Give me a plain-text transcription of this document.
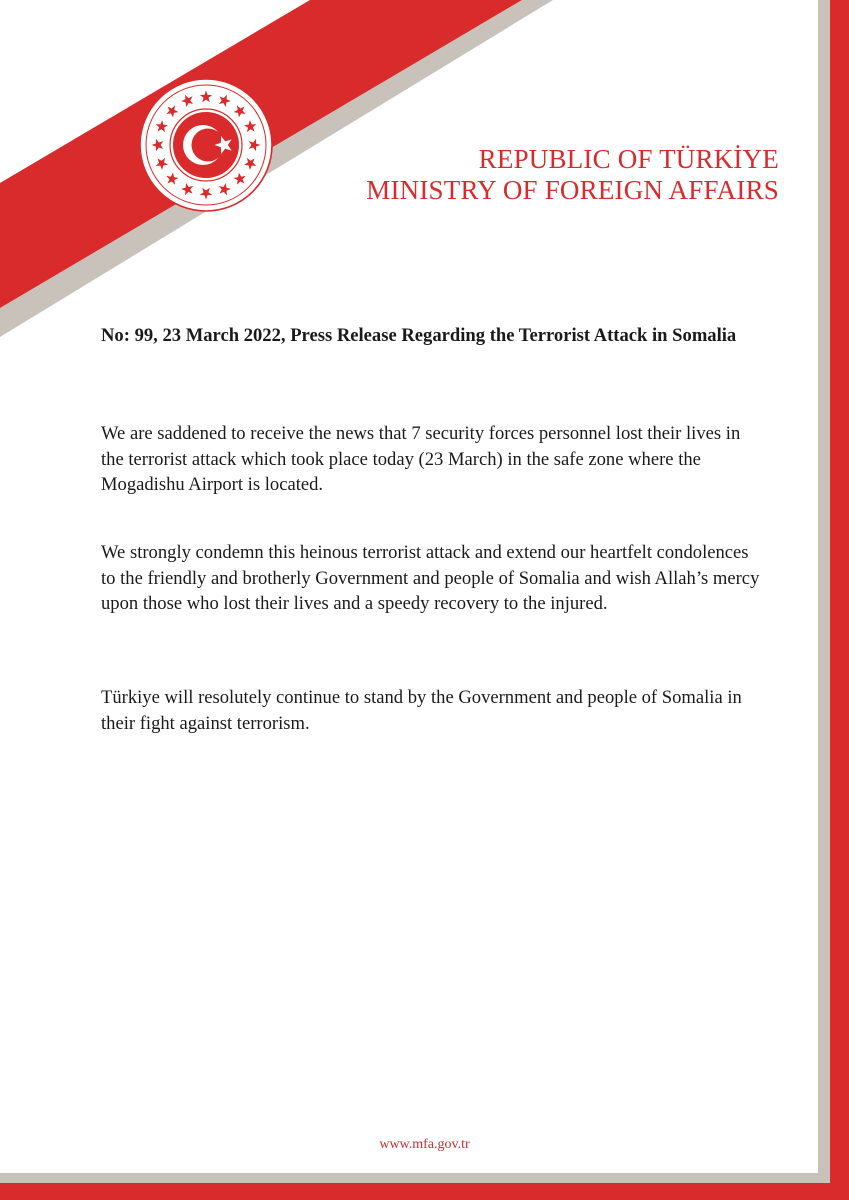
REPUBLIC OF TÜRKİYE
MINISTRY OF FOREIGN AFFAIRS
No: 99, 23 March 2022, Press Release Regarding the Terrorist Attack in Somalia
We are saddened to receive the news that 7 security forces personnel lost their lives in the terrorist attack which took place today (23 March) in the safe zone where the Mogadishu Airport is located.
We strongly condemn this heinous terrorist attack and extend our heartfelt condolences to the friendly and brotherly Government and people of Somalia and wish Allah’s mercy upon those who lost their lives and a speedy recovery to the injured.
Türkiye will resolutely continue to stand by the Government and people of Somalia in their fight against terrorism.
www.mfa.gov.tr
